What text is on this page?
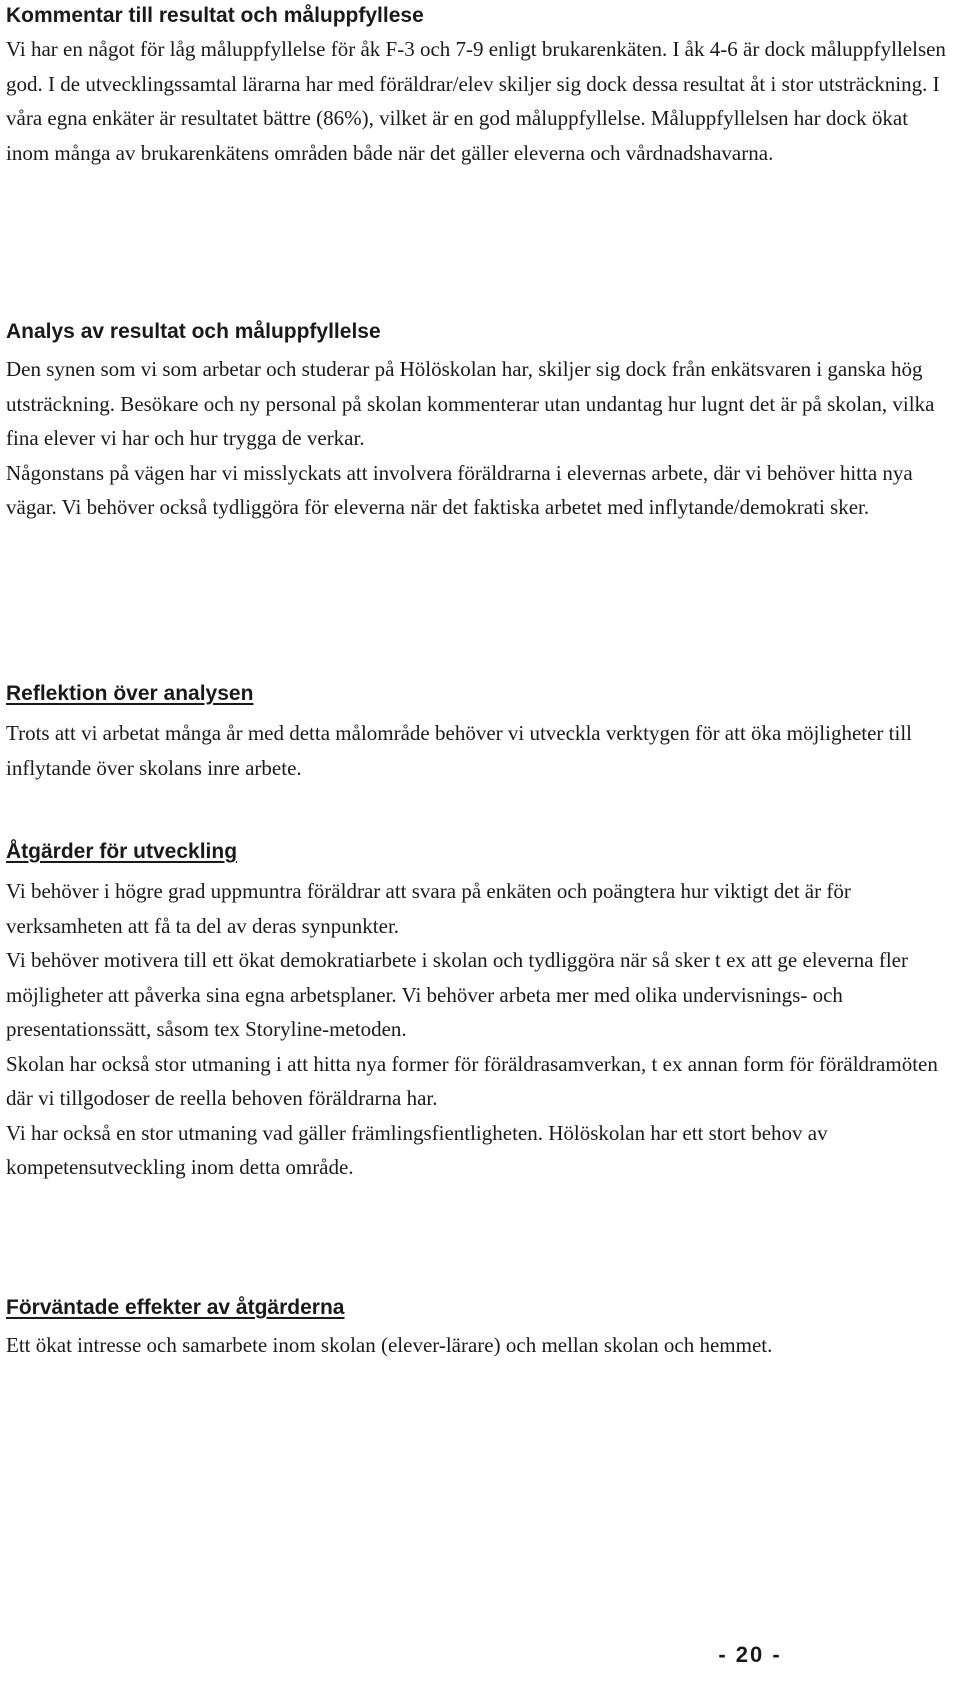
Kommentar till resultat och måluppfyllese
Vi har en något för låg måluppfyllelse för åk F-3 och 7-9 enligt brukarenkäten. I åk 4-6 är dock måluppfyllelsen god. I de utvecklingssamtal lärarna har med föräldrar/elev skiljer sig dock dessa resultat åt i stor utsträckning. I våra egna enkäter är resultatet bättre (86%), vilket är en god måluppfyllelse. Måluppfyllelsen har dock ökat inom många av brukarenkätens områden både när det gäller eleverna och vårdnadshavarna.
Analys av resultat och måluppfyllelse
Den synen som vi som arbetar och studerar på Hölöskolan har, skiljer sig dock från enkätsvaren i ganska hög utsträckning. Besökare och ny personal på skolan kommenterar utan undantag hur lugnt det är på skolan, vilka fina elever vi har och hur trygga de verkar.
Någonstans på vägen har vi misslyckats att involvera föräldrarna i elevernas arbete, där vi behöver hitta nya vägar. Vi behöver också tydliggöra för eleverna när det faktiska arbetet med inflytande/demokrati sker.
Reflektion över analysen
Trots att vi arbetat många år med detta målområde behöver vi utveckla verktygen för att öka möjligheter till inflytande över skolans inre arbete.
Åtgärder för utveckling
Vi behöver i högre grad uppmuntra föräldrar att svara på enkäten och poängtera hur viktigt det är för verksamheten att få ta del av deras synpunkter.
Vi behöver motivera till ett ökat demokratiarbete i skolan och tydliggöra när så sker t ex att ge eleverna fler möjligheter att påverka sina egna arbetsplaner. Vi behöver arbeta mer med olika undervisnings- och presentationssätt, såsom tex Storyline-metoden.
Skolan har också stor utmaning i att hitta nya former för föräldrasamverkan, t ex annan form för föräldramöten där vi tillgodoser de reella behoven föräldrarna har.
Vi har också en stor utmaning vad gäller främlingsfientligheten. Hölöskolan har ett stort behov av kompetensutveckling inom detta område.
Förväntade effekter av åtgärderna
Ett ökat intresse och samarbete inom skolan (elever-lärare) och mellan skolan och hemmet.
- 20 -
